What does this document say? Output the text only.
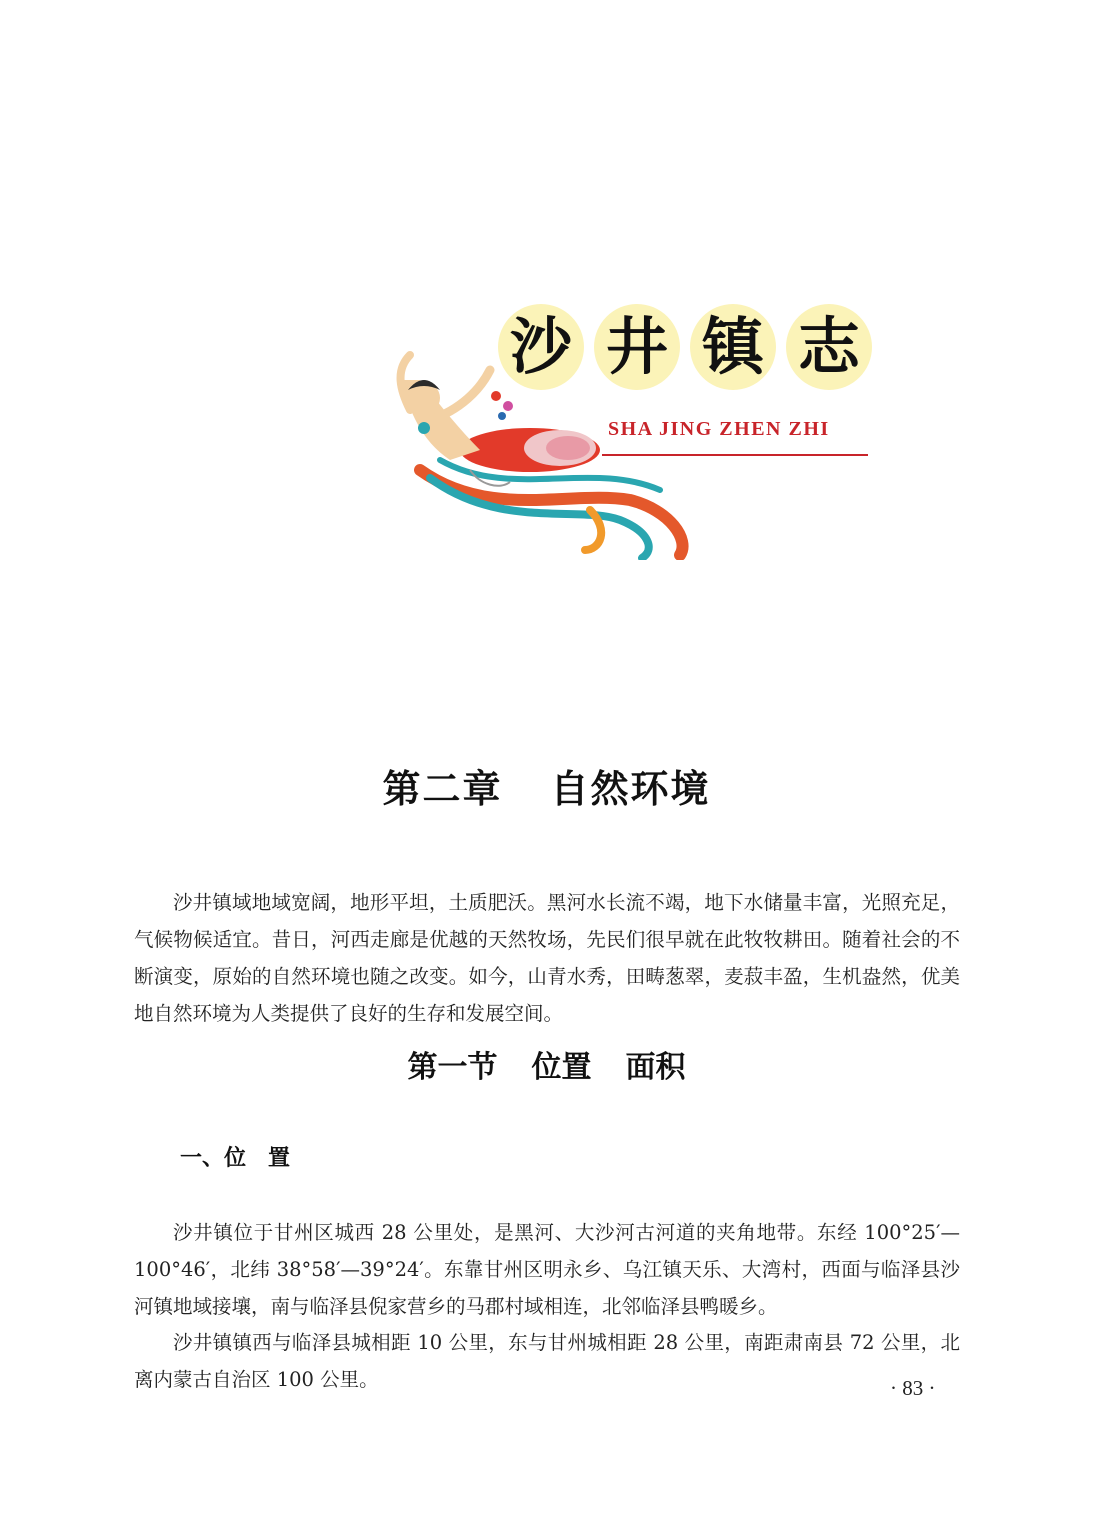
沙 井 镇 志
SHA JING ZHEN ZHI
第二章 自然环境

沙井镇域地域宽阔，地形平坦，土质肥沃。黑河水长流不竭，地下水储量丰富，光照充足，气候物候适宜。昔日，河西走廊是优越的天然牧场，先民们很早就在此牧牧耕田。随着社会的不断演变，原始的自然环境也随之改变。如今，山青水秀，田畴葱翠，麦菽丰盈，生机盎然，优美地自然环境为人类提供了良好的生存和发展空间。

第一节 位置 面积
一、位 置

沙井镇位于甘州区城西 28 公里处，是黑河、大沙河古河道的夹角地带。东经 100°25′—100°46′，北纬 38°58′—39°24′。东靠甘州区明永乡、乌江镇天乐、大湾村，西面与临泽县沙河镇地域接壤，南与临泽县倪家营乡的马郡村域相连，北邻临泽县鸭暖乡。

沙井镇镇西与临泽县城相距 10 公里，东与甘州城相距 28 公里，南距肃南县 72 公里，北离内蒙古自治区 100 公里。	· 83 ·
